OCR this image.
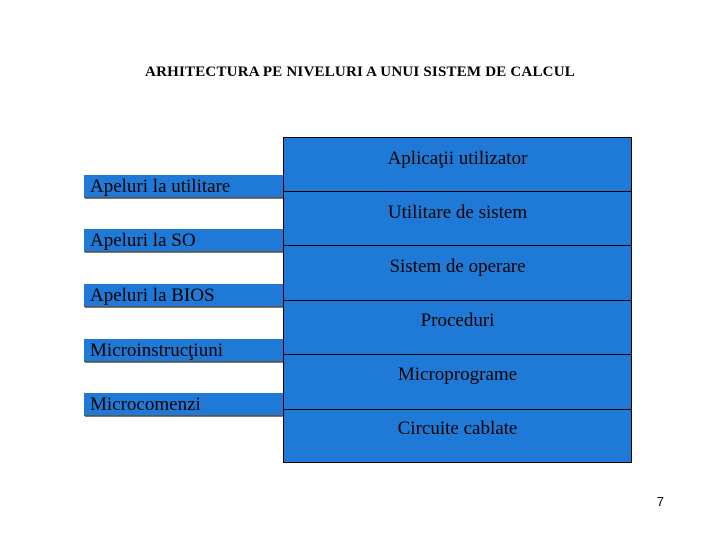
ARHITECTURA PE NIVELURI A UNUI SISTEM DE CALCUL
Apeluri la utilitare
Apeluri la SO
Apeluri la BIOS
Microinstrucţiuni
Microcomenzi
Aplicaţii utilizator
Utilitare de sistem
Sistem de operare
Proceduri
Microprograme
Circuite cablate
7
